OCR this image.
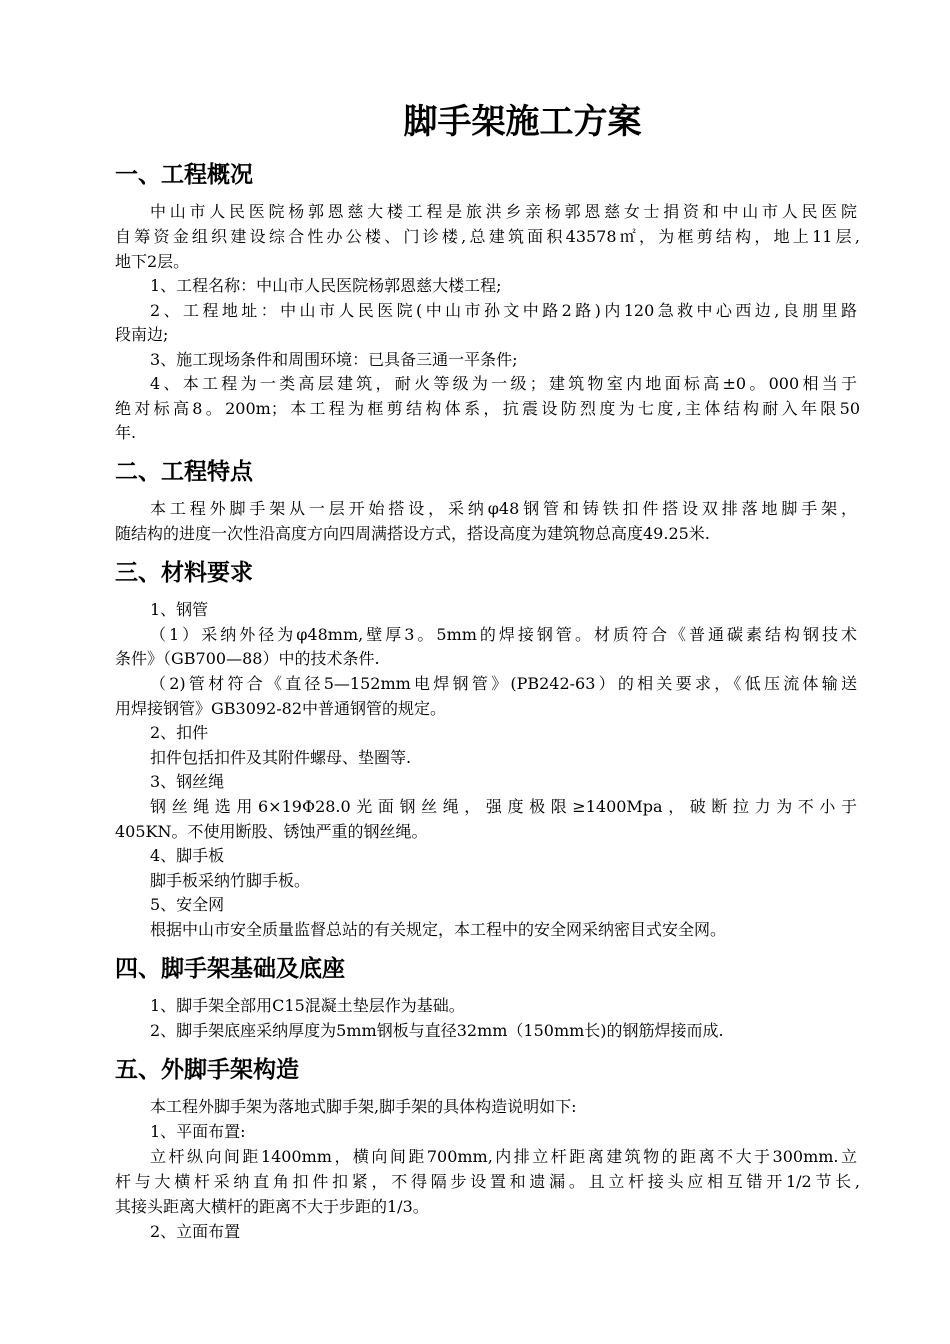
脚手架施工方案
一、工程概况

中山市人民医院杨郭恩慈大楼工程是旅洪乡亲杨郭恩慈女士捐资和中山市人民医院

自筹资金组织建设综合性办公楼、门诊楼,总建筑面积43578㎡，为框剪结构，地上11层,

地下2层。

1、工程名称：中山市人民医院杨郭恩慈大楼工程;

2、工程地址：中山市人民医院(中山市孙文中路2路)内120急救中心西边,良朋里路

段南边;

3、施工现场条件和周围环境：已具备三通一平条件;

4、本工程为一类高层建筑，耐火等级为一级；建筑物室内地面标高±0。000相当于

绝对标高8。200m；本工程为框剪结构体系，抗震设防烈度为七度,主体结构耐入年限50

年.

二、工程特点

本工程外脚手架从一层开始搭设，采纳φ48钢管和铸铁扣件搭设双排落地脚手架，

随结构的进度一次性沿高度方向四周满搭设方式，搭设高度为建筑物总高度49.25米.

三、材料要求

1、钢管

（1）采纳外径为φ48mm,壁厚3。5mm的焊接钢管。材质符合《普通碳素结构钢技术

条件》（GB700—88）中的技术条件.

（2)管材符合《直径5—152mm电焊钢管》(PB242-63）的相关要求，《低压流体输送

用焊接钢管》GB3092-82中普通钢管的规定。

2、扣件

扣件包括扣件及其附件螺母、垫圈等.

3、钢丝绳

钢丝绳选用6×19Φ28.0光面钢丝绳，强度极限≥1400Mpa，破断拉力为不小于

405KN。不使用断股、锈蚀严重的钢丝绳。

4、脚手板

脚手板采纳竹脚手板。

5、安全网

根据中山市安全质量监督总站的有关规定，本工程中的安全网采纳密目式安全网。

四、脚手架基础及底座

1、脚手架全部用C15混凝土垫层作为基础。

2、脚手架底座采纳厚度为5mm钢板与直径32mm（150mm长)的钢筋焊接而成.

五、外脚手架构造

本工程外脚手架为落地式脚手架,脚手架的具体构造说明如下:

1、平面布置:

立杆纵向间距1400mm，横向间距700mm,内排立杆距离建筑物的距离不大于300mm.立

杆与大横杆采纳直角扣件扣紧，不得隔步设置和遗漏。且立杆接头应相互错开1/2节长,

其接头距离大横杆的距离不大于步距的1/3。

2、立面布置
